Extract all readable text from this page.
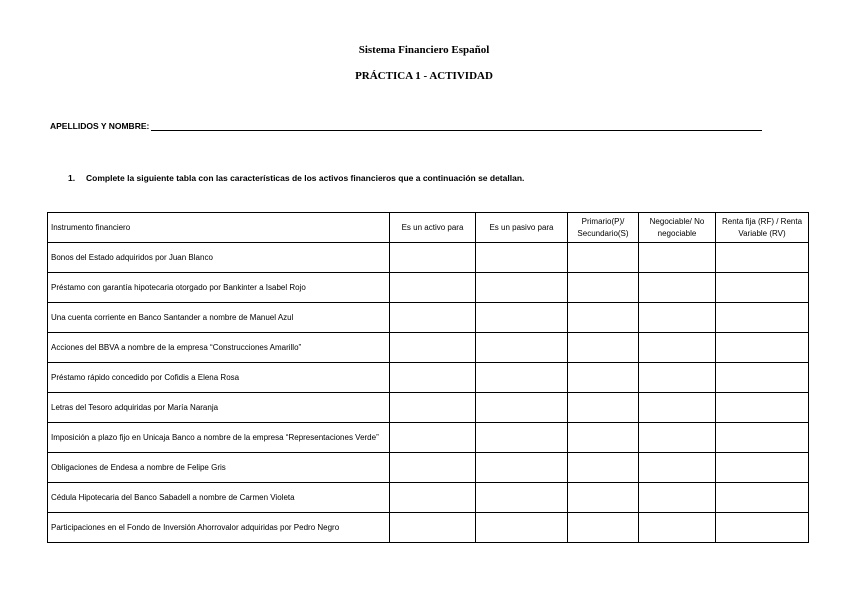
Sistema Financiero Español
PRÁCTICA 1 - ACTIVIDAD
APELLIDOS Y NOMBRE:
1. Complete la siguiente tabla con las características de los activos financieros que a continuación se detallan.
Instrumento financiero	Es un activo para	Es un pasivo para	Primario(P)/ Secundario(S)	Negociable/ No negociable	Renta fija (RF) / Renta Variable (RV)
Bonos del Estado adquiridos por Juan Blanco					
Préstamo con garantía hipotecaria otorgado por Bankinter a Isabel Rojo					
Una cuenta corriente en Banco Santander a nombre de Manuel Azul					
Acciones del BBVA a nombre de la empresa “Construcciones Amarillo”					
Préstamo rápido concedido por Cofidis a Elena Rosa					
Letras del Tesoro adquiridas por María Naranja					
Imposición a plazo fijo en Unicaja Banco a nombre de la empresa “Representaciones Verde”					
Obligaciones de Endesa a nombre de Felipe Gris					
Cédula Hipotecaria del Banco Sabadell a nombre de Carmen Violeta					
Participaciones en el Fondo de Inversión Ahorrovalor adquiridas por Pedro Negro					
